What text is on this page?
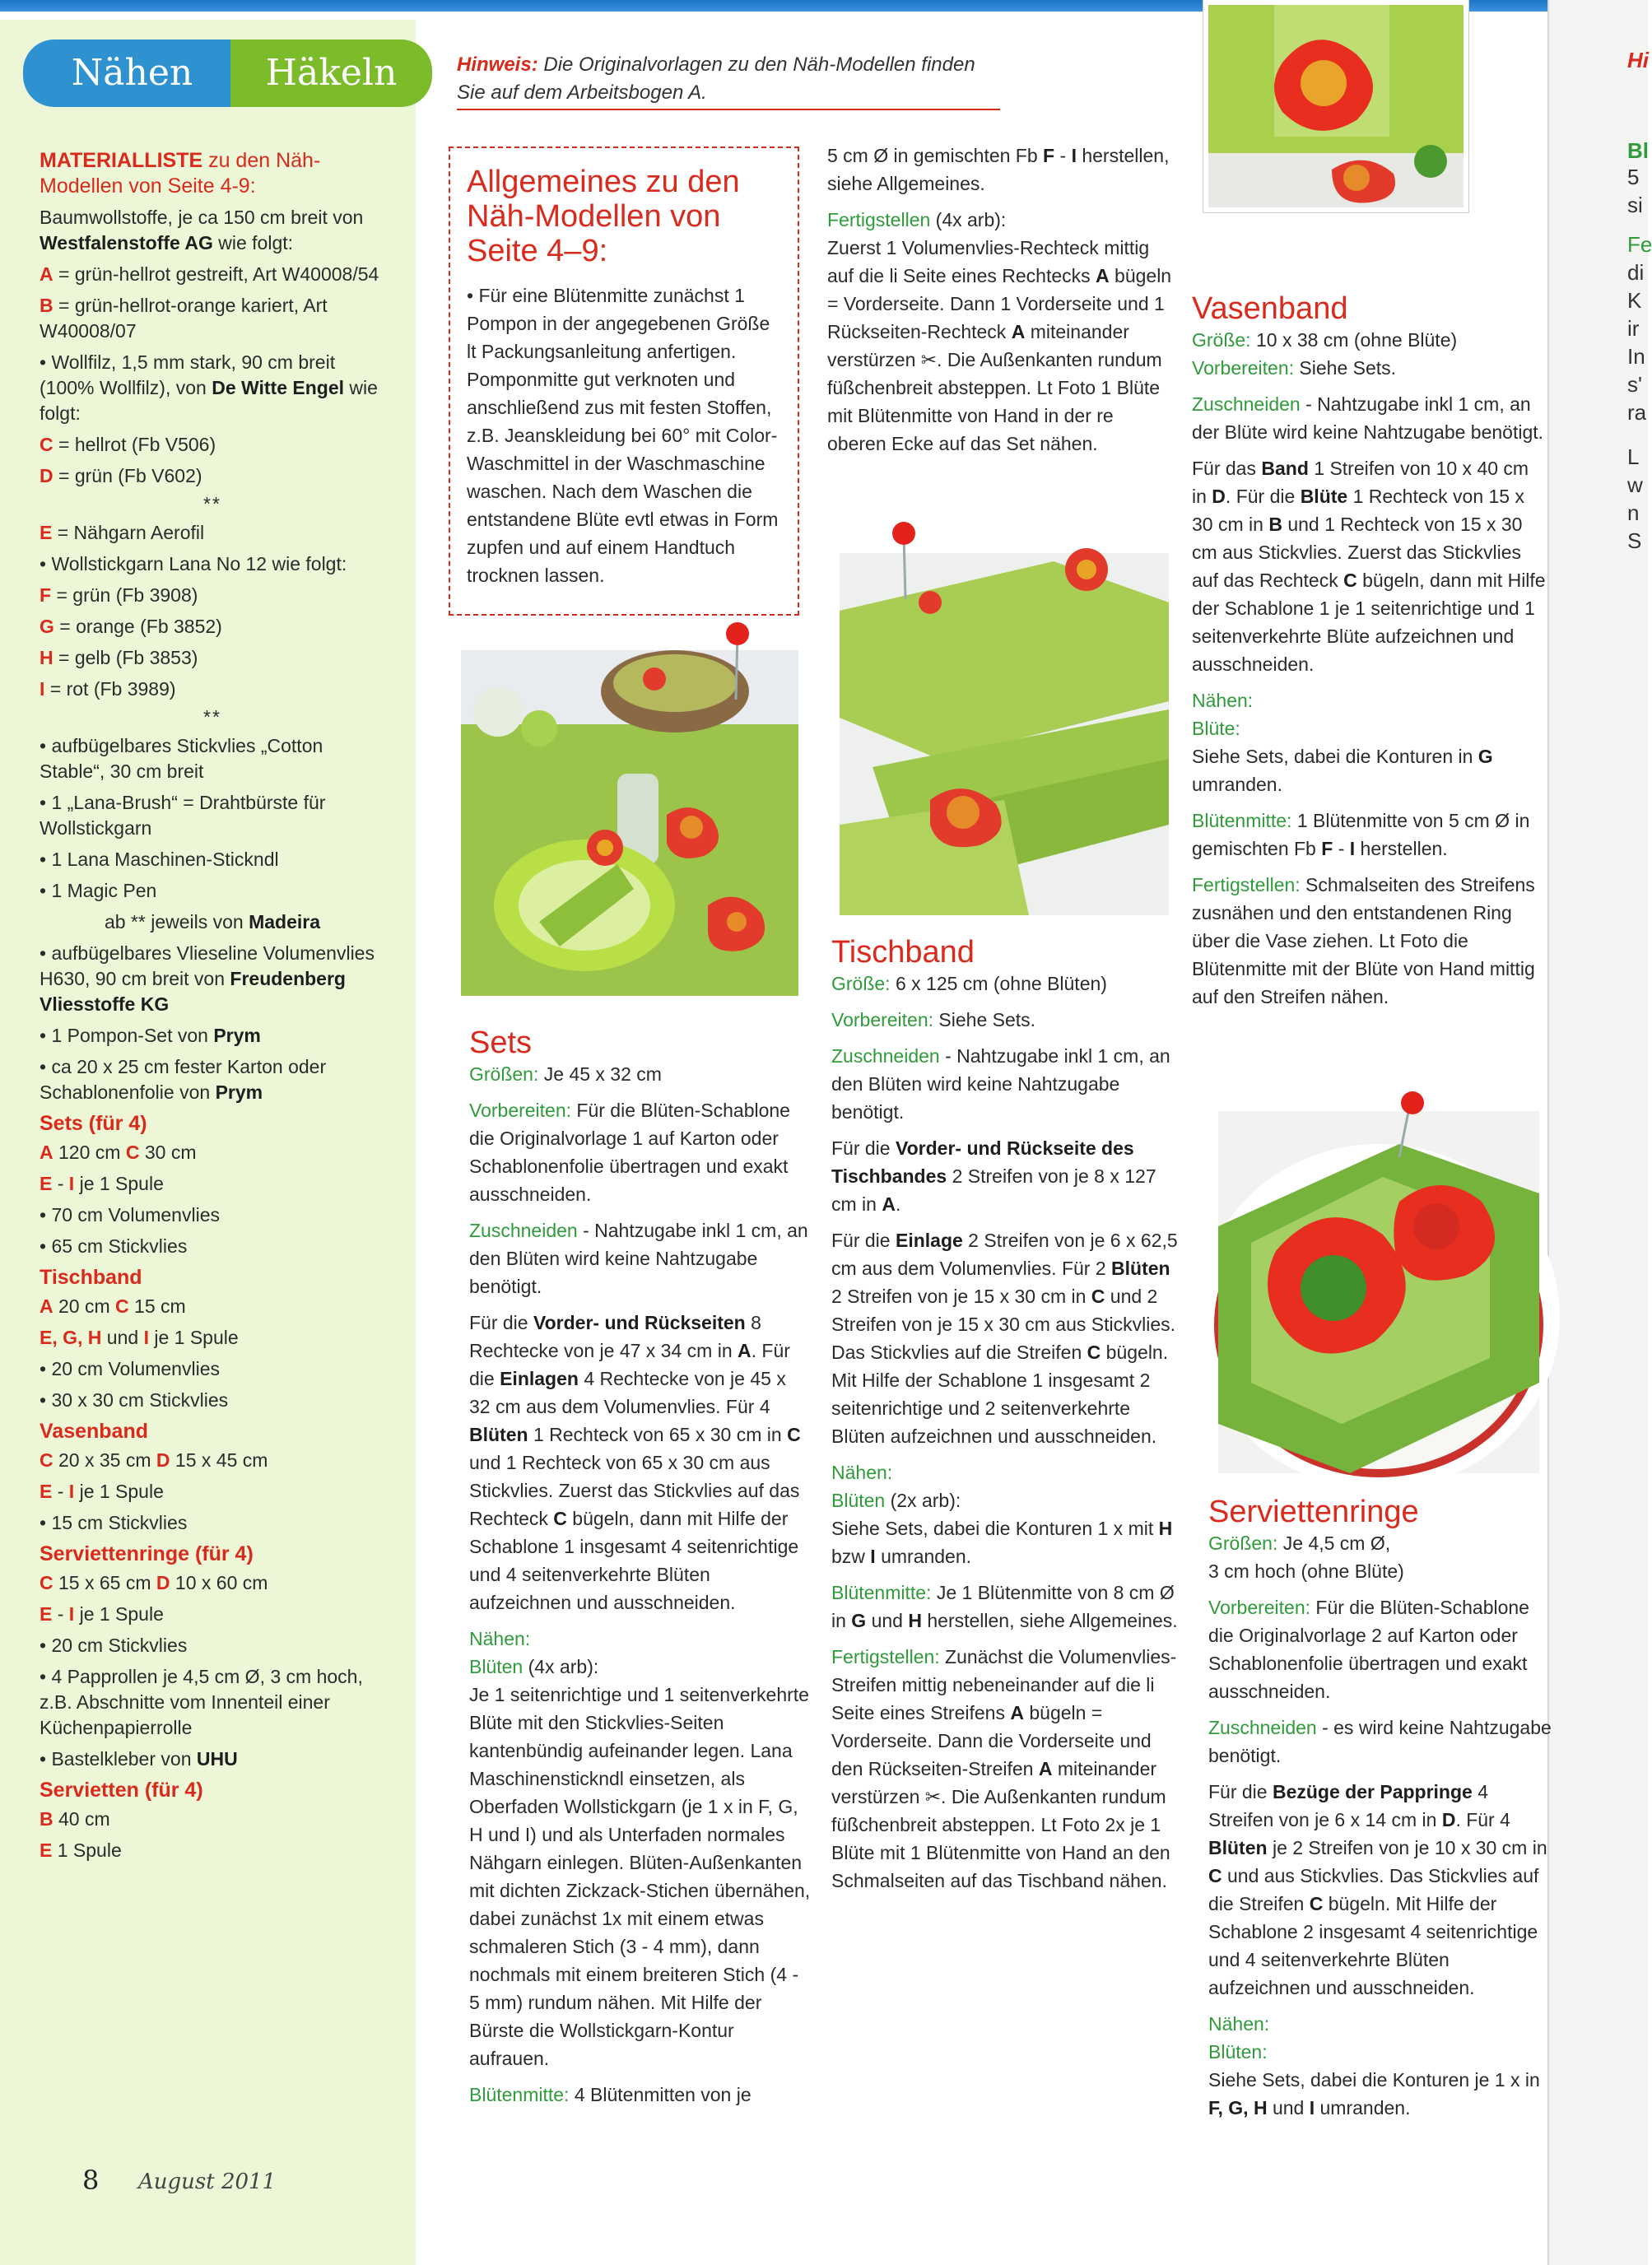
Hi
Bl
5
si
Fe
di
K
ir
In
s'
ra
L
w
n
S
Nähen	Häkeln

MATERIALLISTE zu den Näh-Modellen von Seite 4-9:

Baumwollstoffe, je ca 150 cm breit von Westfalenstoffe AG wie folgt:

A = grün-hellrot gestreift, Art W40008/54

B = grün-hellrot-orange kariert, Art W40008/07

• Wollfilz, 1,5 mm stark, 90 cm breit (100% Wollfilz), von De Witte Engel wie folgt:

C = hellrot (Fb V506)

D = grün (Fb V602)

**

E = Nähgarn Aerofil

• Wollstickgarn Lana No 12 wie folgt:

F = grün (Fb 3908)

G = orange (Fb 3852)

H = gelb (Fb 3853)

I = rot (Fb 3989)

**

• aufbügelbares Stickvlies „Cotton Stable“, 30 cm breit

• 1 „Lana-Brush“ = Drahtbürste für Wollstickgarn

• 1 Lana Maschinen-Stickndl

• 1 Magic Pen

ab ** jeweils von Madeira

• aufbügelbares Vlieseline Volumenvlies H630, 90 cm breit von Freudenberg Vliesstoffe KG

• 1 Pompon-Set von Prym

• ca 20 x 25 cm fester Karton oder Schablonenfolie von Prym

Sets (für 4)

A 120 cm C 30 cm

E - I je 1 Spule

• 70 cm Volumenvlies

• 65 cm Stickvlies

Tischband

A 20 cm C 15 cm

E, G, H und I je 1 Spule

• 20 cm Volumenvlies

• 30 x 30 cm Stickvlies

Vasenband

C 20 x 35 cm D 15 x 45 cm

E - I je 1 Spule

• 15 cm Stickvlies

Serviettenringe (für 4)

C 15 x 65 cm D 10 x 60 cm

E - I je 1 Spule

• 20 cm Stickvlies

• 4 Papprollen je 4,5 cm Ø, 3 cm hoch, z.B. Abschnitte vom Innenteil einer Küchenpapierrolle

• Bastelkleber von UHU

Servietten (für 4)

B 40 cm

E 1 Spule

8 August 2011
Hinweis: Die Originalvorlagen zu den Näh-Modellen finden Sie auf dem Arbeitsbogen A.
Allgemeines zu den Näh-Modellen von Seite 4–9:

• Für eine Blütenmitte zunächst 1 Pompon in der angegebenen Größe lt Packungsanleitung anfertigen. Pomponmitte gut verknoten und anschließend zus mit festen Stoffen, z.B. Jeanskleidung bei 60° mit Color-Waschmittel in der Waschmaschine waschen. Nach dem Waschen die entstandene Blüte evtl etwas in Form zupfen und auf einem Handtuch trocknen lassen.

Sets

Größen: Je 45 x 32 cm

Vorbereiten: Für die Blüten-Schablone die Originalvorlage 1 auf Karton oder Schablonenfolie übertragen und exakt ausschneiden.

Zuschneiden - Nahtzugabe inkl 1 cm, an den Blüten wird keine Nahtzugabe benötigt.

Für die Vorder- und Rückseiten 8 Rechtecke von je 47 x 34 cm in A. Für die Einlagen 4 Rechtecke von je 45 x 32 cm aus dem Volumenvlies. Für 4 Blüten 1 Rechteck von 65 x 30 cm in C und 1 Rechteck von 65 x 30 cm aus Stickvlies. Zuerst das Stickvlies auf das Rechteck C bügeln, dann mit Hilfe der Schablone 1 insgesamt 4 seitenrichtige und 4 seitenverkehrte Blüten aufzeichnen und ausschneiden.

Nähen:

Blüten (4x arb):

Je 1 seitenrichtige und 1 seitenverkehrte Blüte mit den Stickvlies-Seiten kantenbündig aufeinander legen. Lana Maschinenstickndl einsetzen, als Oberfaden Wollstickgarn (je 1 x in F, G, H und I) und als Unterfaden normales Nähgarn einlegen. Blüten-Außenkanten mit dichten Zickzack-Stichen übernähen, dabei zunächst 1x mit einem etwas schmaleren Stich (3 - 4 mm), dann nochmals mit einem breiteren Stich (4 - 5 mm) rundum nähen. Mit Hilfe der Bürste die Wollstickgarn-Kontur aufrauen.

Blütenmitte: 4 Blütenmitten von je

5 cm Ø in gemischten Fb F - I herstellen, siehe Allgemeines.

Fertigstellen (4x arb):

Zuerst 1 Volumenvlies-Rechteck mittig auf die li Seite eines Rechtecks A bügeln = Vorderseite. Dann 1 Vorderseite und 1 Rückseiten-Rechteck A miteinander verstürzen ✂. Die Außenkanten rundum füßchenbreit absteppen. Lt Foto 1 Blüte mit Blütenmitte von Hand in der re oberen Ecke auf das Set nähen.

Tischband

Größe: 6 x 125 cm (ohne Blüten)

Vorbereiten: Siehe Sets.

Zuschneiden - Nahtzugabe inkl 1 cm, an den Blüten wird keine Nahtzugabe benötigt.

Für die Vorder- und Rückseite des Tischbandes 2 Streifen von je 8 x 127 cm in A.

Für die Einlage 2 Streifen von je 6 x 62,5 cm aus dem Volumenvlies. Für 2 Blüten 2 Streifen von je 15 x 30 cm in C und 2 Streifen von je 15 x 30 cm aus Stickvlies. Das Stickvlies auf die Streifen C bügeln. Mit Hilfe der Schablone 1 insgesamt 2 seitenrichtige und 2 seitenverkehrte Blüten aufzeichnen und ausschneiden.

Nähen:

Blüten (2x arb):

Siehe Sets, dabei die Konturen 1 x mit H bzw I umranden.

Blütenmitte: Je 1 Blütenmitte von 8 cm Ø in G und H herstellen, siehe Allgemeines.

Fertigstellen: Zunächst die Volumenvlies-Streifen mittig nebeneinander auf die li Seite eines Streifens A bügeln = Vorderseite. Dann die Vorderseite und den Rückseiten-Streifen A miteinander verstürzen ✂. Die Außenkanten rundum füßchenbreit absteppen. Lt Foto 2x je 1 Blüte mit 1 Blütenmitte von Hand an den Schmalseiten auf das Tischband nähen.

Vasenband

Größe: 10 x 38 cm (ohne Blüte)

Vorbereiten: Siehe Sets.

Zuschneiden - Nahtzugabe inkl 1 cm, an der Blüte wird keine Nahtzugabe benötigt.

Für das Band 1 Streifen von 10 x 40 cm in D. Für die Blüte 1 Rechteck von 15 x 30 cm in B und 1 Rechteck von 15 x 30 cm aus Stickvlies. Zuerst das Stickvlies auf das Rechteck C bügeln, dann mit Hilfe der Schablone 1 je 1 seitenrichtige und 1 seitenverkehrte Blüte aufzeichnen und ausschneiden.

Nähen:

Blüte:

Siehe Sets, dabei die Konturen in G umranden.

Blütenmitte: 1 Blütenmitte von 5 cm Ø in gemischten Fb F - I herstellen.

Fertigstellen: Schmalseiten des Streifens zusnähen und den entstandenen Ring über die Vase ziehen. Lt Foto die Blütenmitte mit der Blüte von Hand mittig auf den Streifen nähen.

Serviettenringe

Größen: Je 4,5 cm Ø,

3 cm hoch (ohne Blüte)

Vorbereiten: Für die Blüten-Schablone die Originalvorlage 2 auf Karton oder Schablonenfolie übertragen und exakt ausschneiden.

Zuschneiden - es wird keine Nahtzugabe benötigt.

Für die Bezüge der Pappringe 4 Streifen von je 6 x 14 cm in D. Für 4 Blüten je 2 Streifen von je 10 x 30 cm in C und aus Stickvlies. Das Stickvlies auf die Streifen C bügeln. Mit Hilfe der Schablone 2 insgesamt 4 seitenrichtige und 4 seitenverkehrte Blüten aufzeichnen und ausschneiden.

Nähen:

Blüten:

Siehe Sets, dabei die Konturen je 1 x in F, G, H und I umranden.
